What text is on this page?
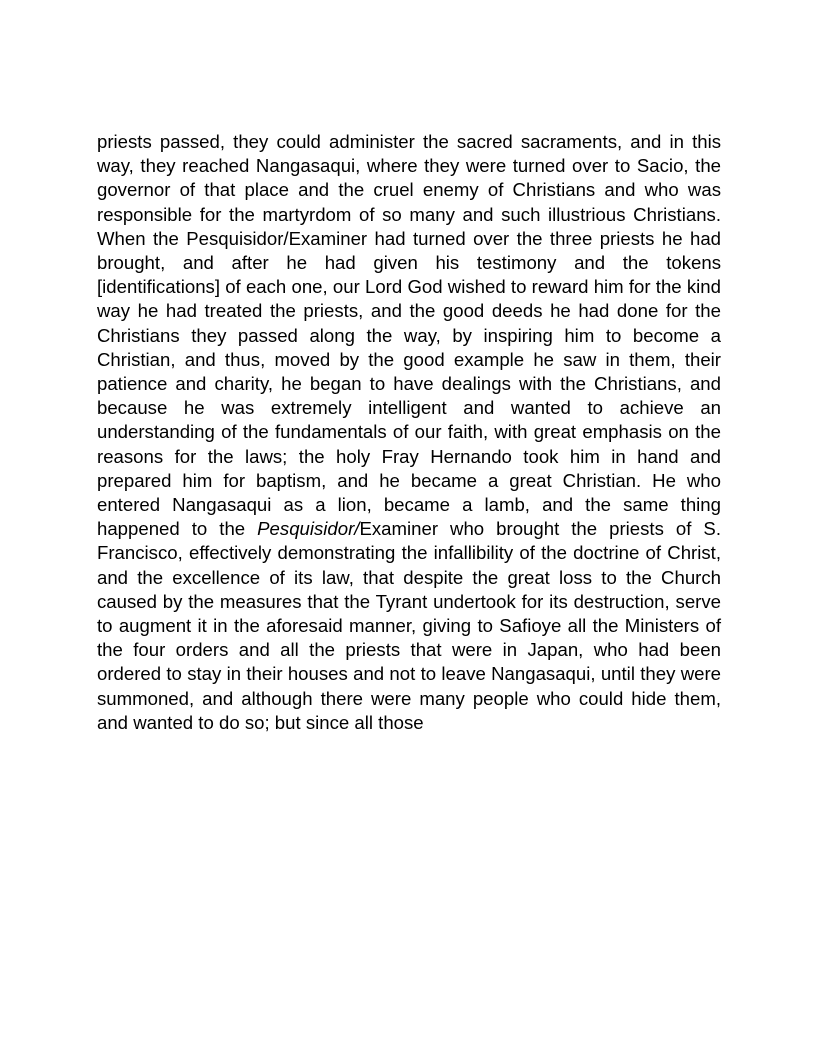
priests passed, they could administer the sacred sacraments, and in this way, they reached Nangasaqui, where they were turned over to Sacio, the governor of that place and the cruel enemy of Christians and who was responsible for the martyrdom of so many and such illustrious Christians. When the Pesquisidor/Examiner had turned over the three priests he had brought, and after he had given his testimony and the tokens [identifications] of each one, our Lord God wished to reward him for the kind way he had treated the priests, and the good deeds he had done for the Christians they passed along the way, by inspiring him to become a Christian, and thus, moved by the good example he saw in them, their patience and charity, he began to have dealings with the Christians, and because he was extremely intelligent and wanted to achieve an understanding of the fundamentals of our faith, with great emphasis on the reasons for the laws; the holy Fray Hernando took him in hand and prepared him for baptism, and he became a great Christian. He who entered Nangasaqui as a lion, became a lamb, and the same thing happened to the Pesquisidor/Examiner who brought the priests of S. Francisco, effectively demonstrating the infallibility of the doctrine of Christ, and the excellence of its law, that despite the great loss to the Church caused by the measures that the Tyrant undertook for its destruction, serve to augment it in the aforesaid manner, giving to Safioye all the Ministers of the four orders and all the priests that were in Japan, who had been ordered to stay in their houses and not to leave Nangasaqui, until they were summoned, and although there were many people who could hide them, and wanted to do so; but since all those
